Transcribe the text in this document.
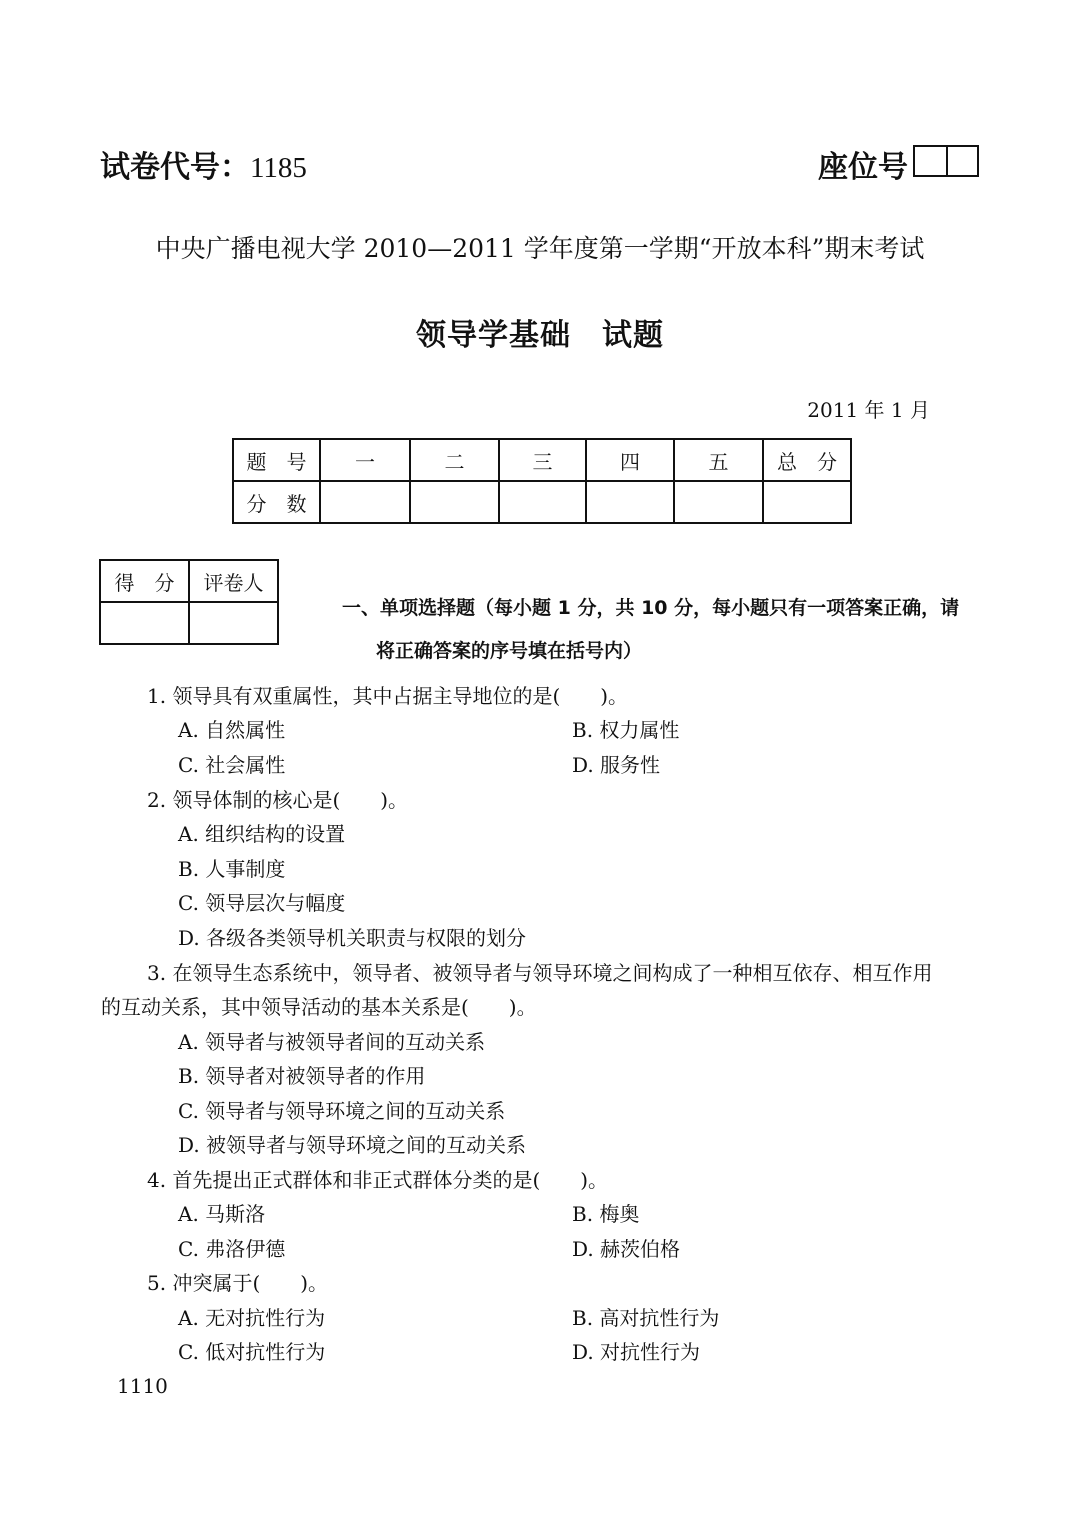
试卷代号：1185	座位号
中央广播电视大学 2010—2011 学年度第一学期“开放本科”期末考试
领导学基础　试题
2011 年 1 月
题　号	一	二	三	四	五	总　分
分　数						
得　分	评卷人

一、单项选择题（每小题 1 分，共 10 分，每小题只有一项答案正确，请
将正确答案的序号填在括号内）
1. 领导具有双重属性，其中占据主导地位的是(　　)。
A. 自然属性	B. 权力属性
C. 社会属性	D. 服务性
2. 领导体制的核心是(　　)。
A. 组织结构的设置
B. 人事制度
C. 领导层次与幅度
D. 各级各类领导机关职责与权限的划分
3. 在领导生态系统中，领导者、被领导者与领导环境之间构成了一种相互依存、相互作用
的互动关系，其中领导活动的基本关系是(　　)。
A. 领导者与被领导者间的互动关系
B. 领导者对被领导者的作用
C. 领导者与领导环境之间的互动关系
D. 被领导者与领导环境之间的互动关系
4. 首先提出正式群体和非正式群体分类的是(　　)。
A. 马斯洛	B. 梅奥
C. 弗洛伊德	D. 赫茨伯格
5. 冲突属于(　　)。
A. 无对抗性行为	B. 高对抗性行为
C. 低对抗性行为	D. 对抗性行为
1110
